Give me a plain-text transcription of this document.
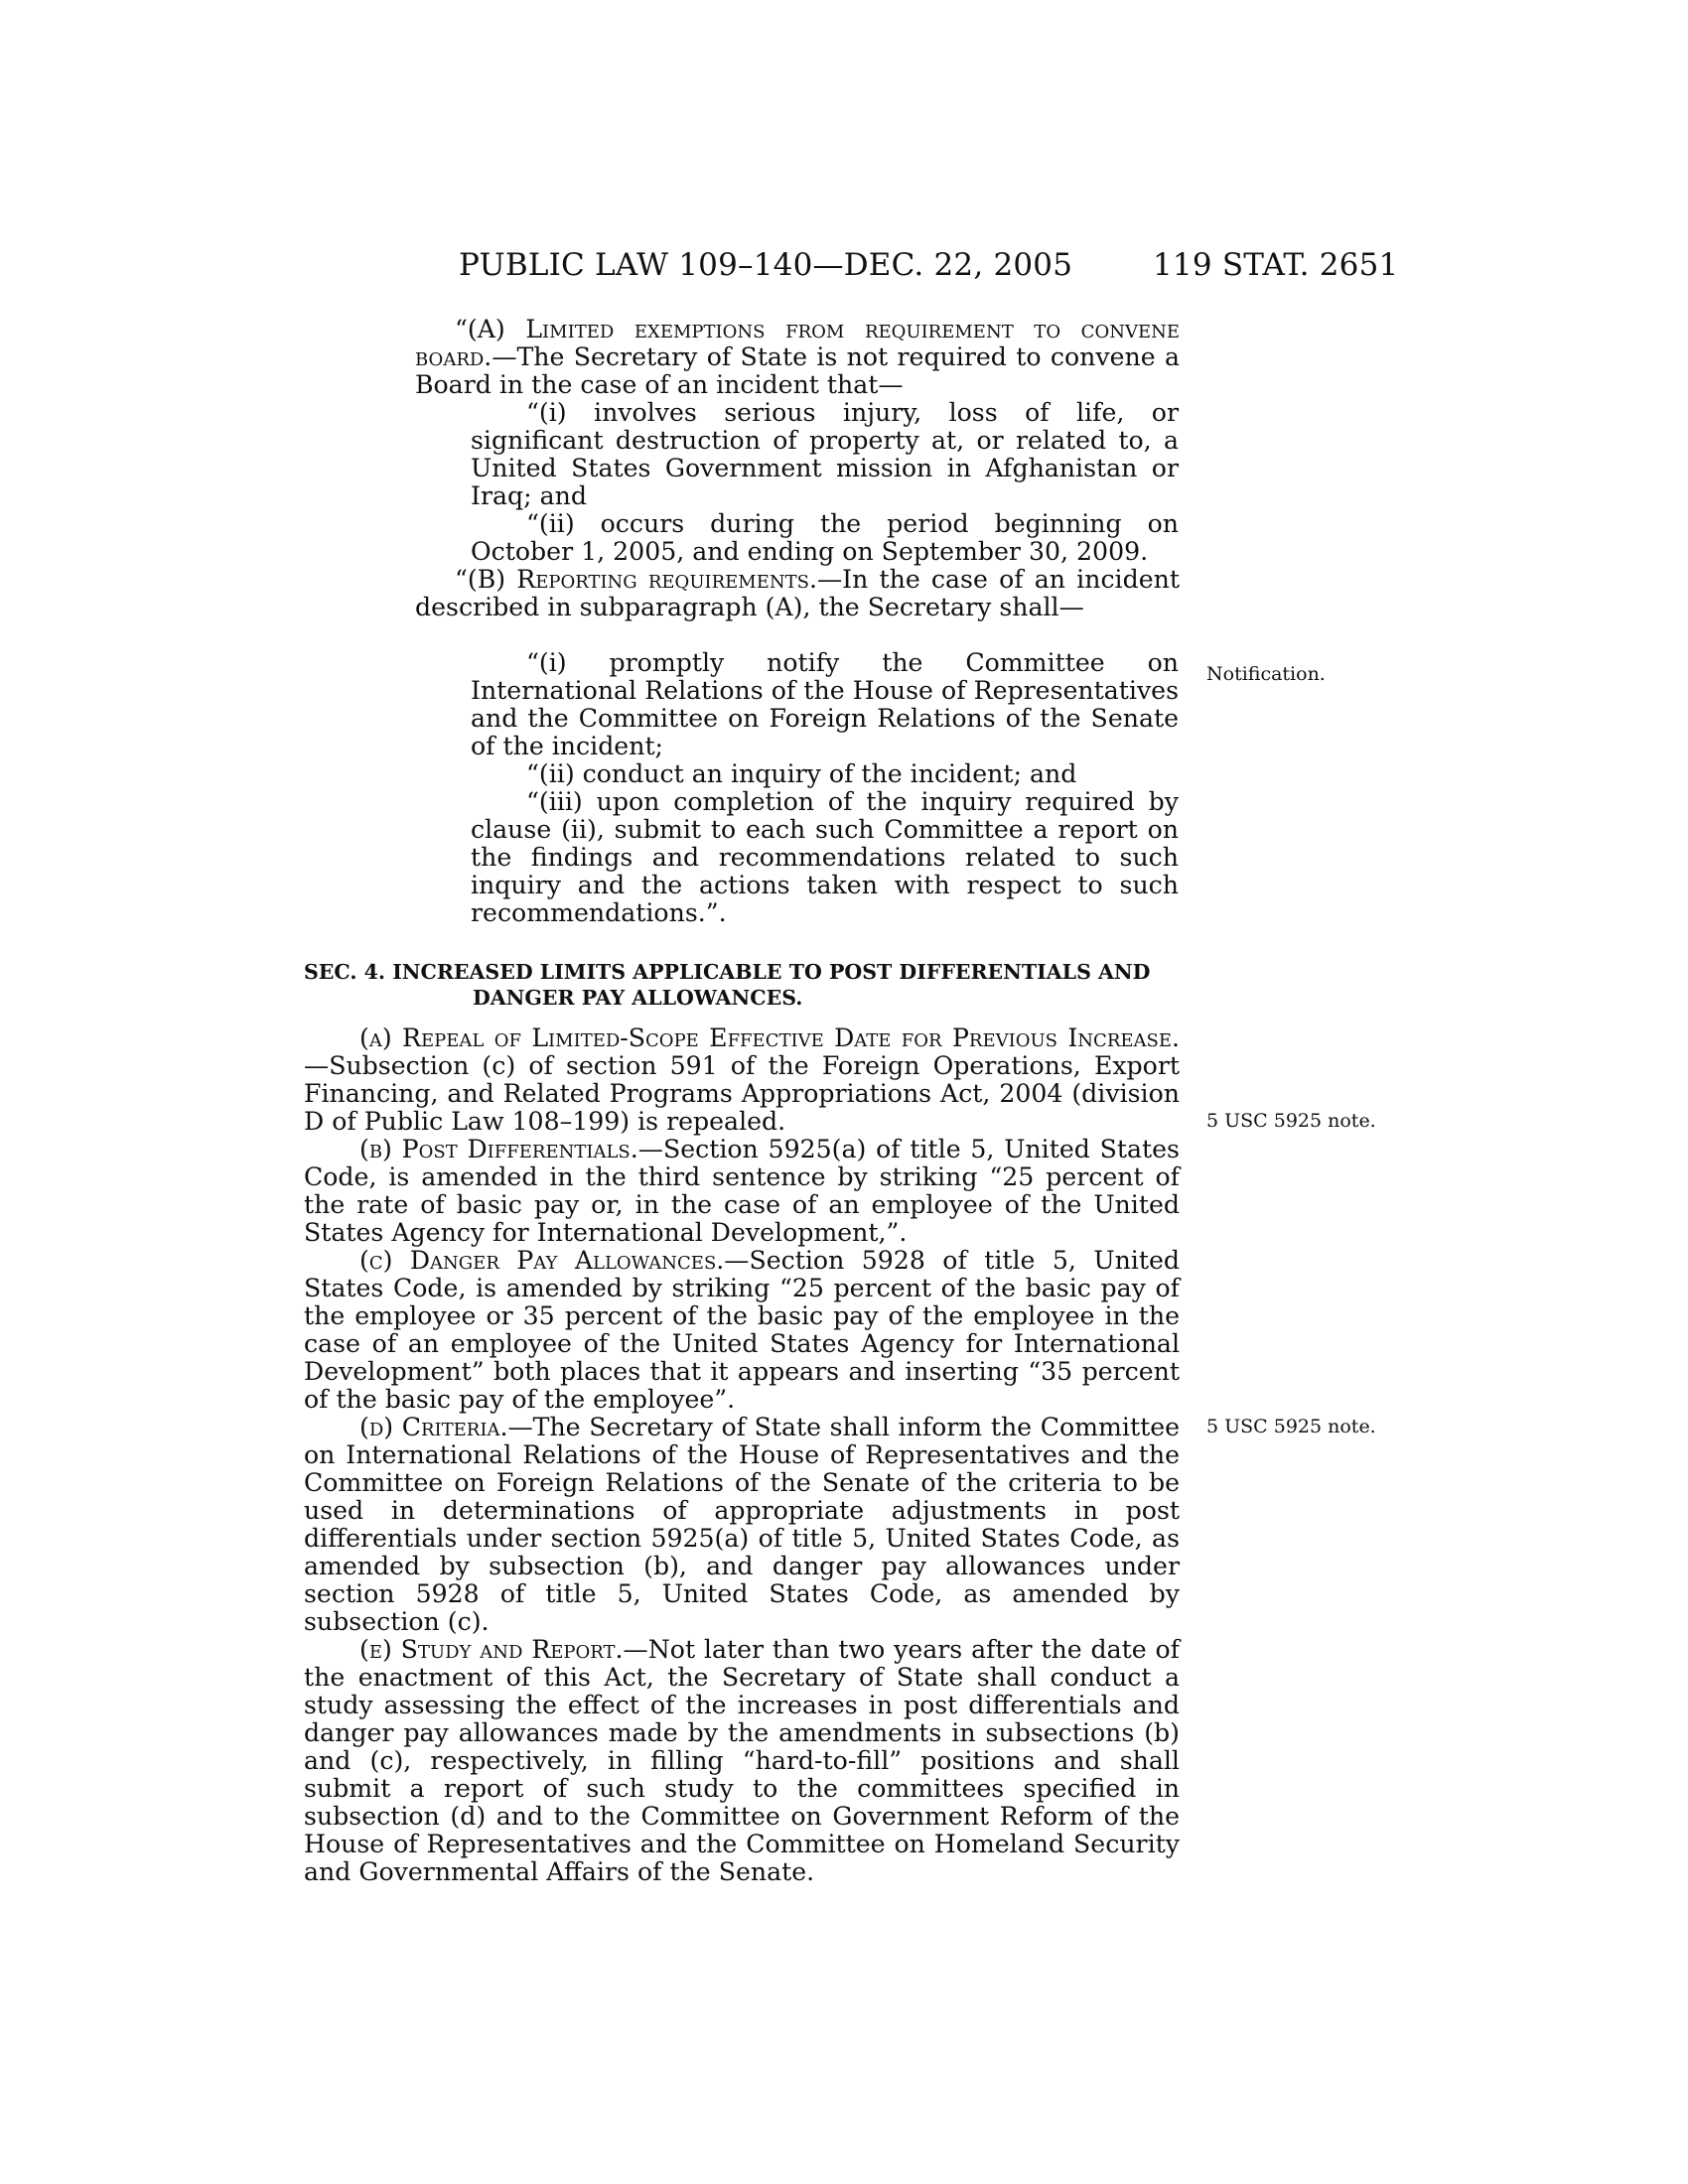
PUBLIC LAW 109–140—DEC. 22, 2005	119 STAT. 2651

“(A) Limited exemptions from requirement to convene board.—The Secretary of State is not required to convene a Board in the case of an incident that—

“(i) involves serious injury, loss of life, or significant destruction of property at, or related to, a United States Government mission in Afghanistan or Iraq; and

“(ii) occurs during the period beginning on October 1, 2005, and ending on September 30, 2009.

“(B) Reporting requirements.—In the case of an incident described in subparagraph (A), the Secretary shall—

“(i) promptly notify the Committee on International Relations of the House of Representatives and the Committee on Foreign Relations of the Senate of the incident;

“(ii) conduct an inquiry of the incident; and

“(iii) upon completion of the inquiry required by clause (ii), submit to each such Committee a report on the findings and recommendations related to such inquiry and the actions taken with respect to such recommendations.”.

SEC. 4. INCREASED LIMITS APPLICABLE TO POST DIFFERENTIALS AND
DANGER PAY ALLOWANCES.

(a) Repeal of Limited-Scope Effective Date for Previous Increase.—Subsection (c) of section 591 of the Foreign Operations, Export Financing, and Related Programs Appropriations Act, 2004 (division D of Public Law 108–199) is repealed.

(b) Post Differentials.—Section 5925(a) of title 5, United States Code, is amended in the third sentence by striking “25 percent of the rate of basic pay or, in the case of an employee of the United States Agency for International Development,”.

(c) Danger Pay Allowances.—Section 5928 of title 5, United States Code, is amended by striking “25 percent of the basic pay of the employee or 35 percent of the basic pay of the employee in the case of an employee of the United States Agency for International Development” both places that it appears and inserting “35 percent of the basic pay of the employee”.

(d) Criteria.—The Secretary of State shall inform the Committee on International Relations of the House of Representatives and the Committee on Foreign Relations of the Senate of the criteria to be used in determinations of appropriate adjustments in post differentials under section 5925(a) of title 5, United States Code, as amended by subsection (b), and danger pay allowances under section 5928 of title 5, United States Code, as amended by subsection (c).

(e) Study and Report.—Not later than two years after the date of the enactment of this Act, the Secretary of State shall conduct a study assessing the effect of the increases in post differentials and danger pay allowances made by the amendments in subsections (b) and (c), respectively, in filling “hard-to-fill” positions and shall submit a report of such study to the committees specified in subsection (d) and to the Committee on Government Reform of the House of Representatives and the Committee on Homeland Security and Governmental Affairs of the Senate.

Notification.
5 USC 5925 note.
5 USC 5925 note.
